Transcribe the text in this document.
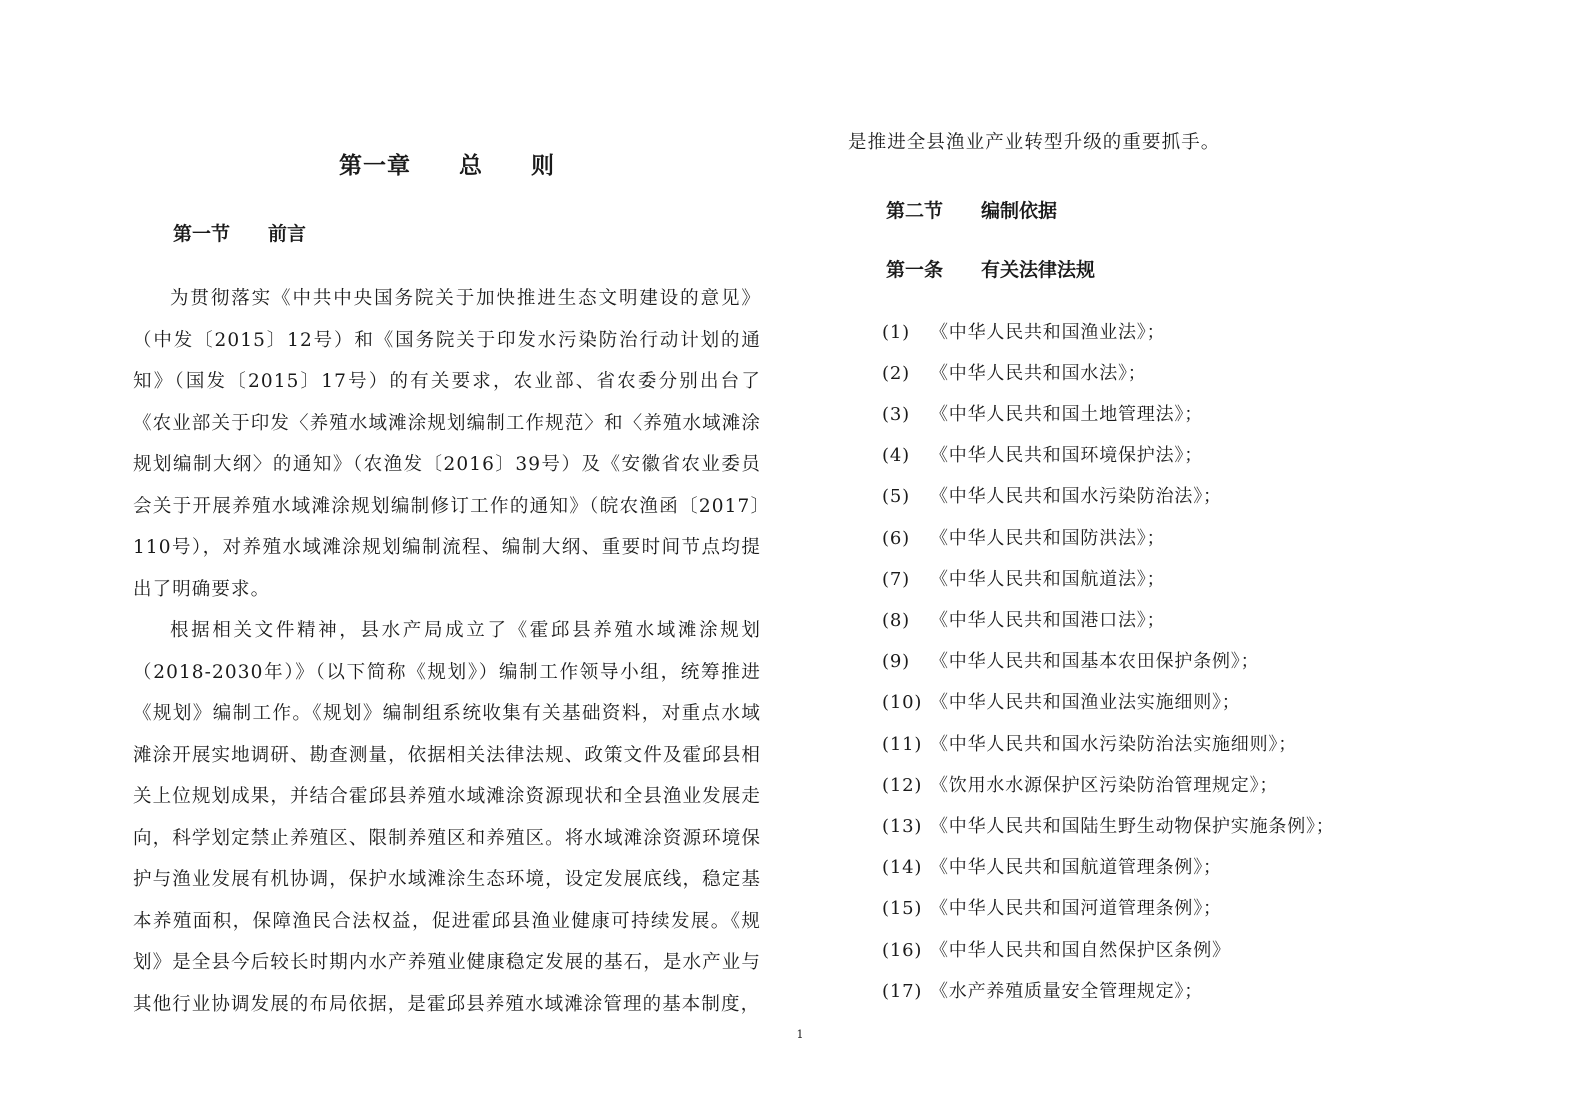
第一章　　总　　则
第一节　　前言

为贯彻落实《中共中央国务院关于加快推进生态文明建设的意见》（中发〔2015〕12号）和《国务院关于印发水污染防治行动计划的通知》（国发〔2015〕17号）的有关要求，农业部、省农委分别出台了《农业部关于印发〈养殖水域滩涂规划编制工作规范〉和〈养殖水域滩涂规划编制大纲〉的通知》（农渔发〔2016〕39号）及《安徽省农业委员会关于开展养殖水域滩涂规划编制修订工作的通知》（皖农渔函〔2017〕110号），对养殖水域滩涂规划编制流程、编制大纲、重要时间节点均提出了明确要求。

根据相关文件精神，县水产局成立了《霍邱县养殖水域滩涂规划（2018-2030年）》（以下简称《规划》）编制工作领导小组，统筹推进《规划》编制工作。《规划》编制组系统收集有关基础资料，对重点水域滩涂开展实地调研、勘查测量，依据相关法律法规、政策文件及霍邱县相关上位规划成果，并结合霍邱县养殖水域滩涂资源现状和全县渔业发展走向，科学划定禁止养殖区、限制养殖区和养殖区。将水域滩涂资源环境保护与渔业发展有机协调，保护水域滩涂生态环境，设定发展底线，稳定基本养殖面积，保障渔民合法权益，促进霍邱县渔业健康可持续发展。《规划》是全县今后较长时期内水产养殖业健康稳定发展的基石，是水产业与其他行业协调发展的布局依据，是霍邱县养殖水域滩涂管理的基本制度，

是推进全县渔业产业转型升级的重要抓手。

第二节　　编制依据
第一条　　有关法律法规
(1) 《中华人民共和国渔业法》；
(2) 《中华人民共和国水法》；
(3) 《中华人民共和国土地管理法》；
(4) 《中华人民共和国环境保护法》；
(5) 《中华人民共和国水污染防治法》；
(6) 《中华人民共和国防洪法》；
(7) 《中华人民共和国航道法》；
(8) 《中华人民共和国港口法》；
(9) 《中华人民共和国基本农田保护条例》；
(10) 《中华人民共和国渔业法实施细则》；
(11) 《中华人民共和国水污染防治法实施细则》；
(12) 《饮用水水源保护区污染防治管理规定》；
(13) 《中华人民共和国陆生野生动物保护实施条例》；
(14) 《中华人民共和国航道管理条例》；
(15) 《中华人民共和国河道管理条例》；
(16) 《中华人民共和国自然保护区条例》
(17) 《水产养殖质量安全管理规定》；
1
